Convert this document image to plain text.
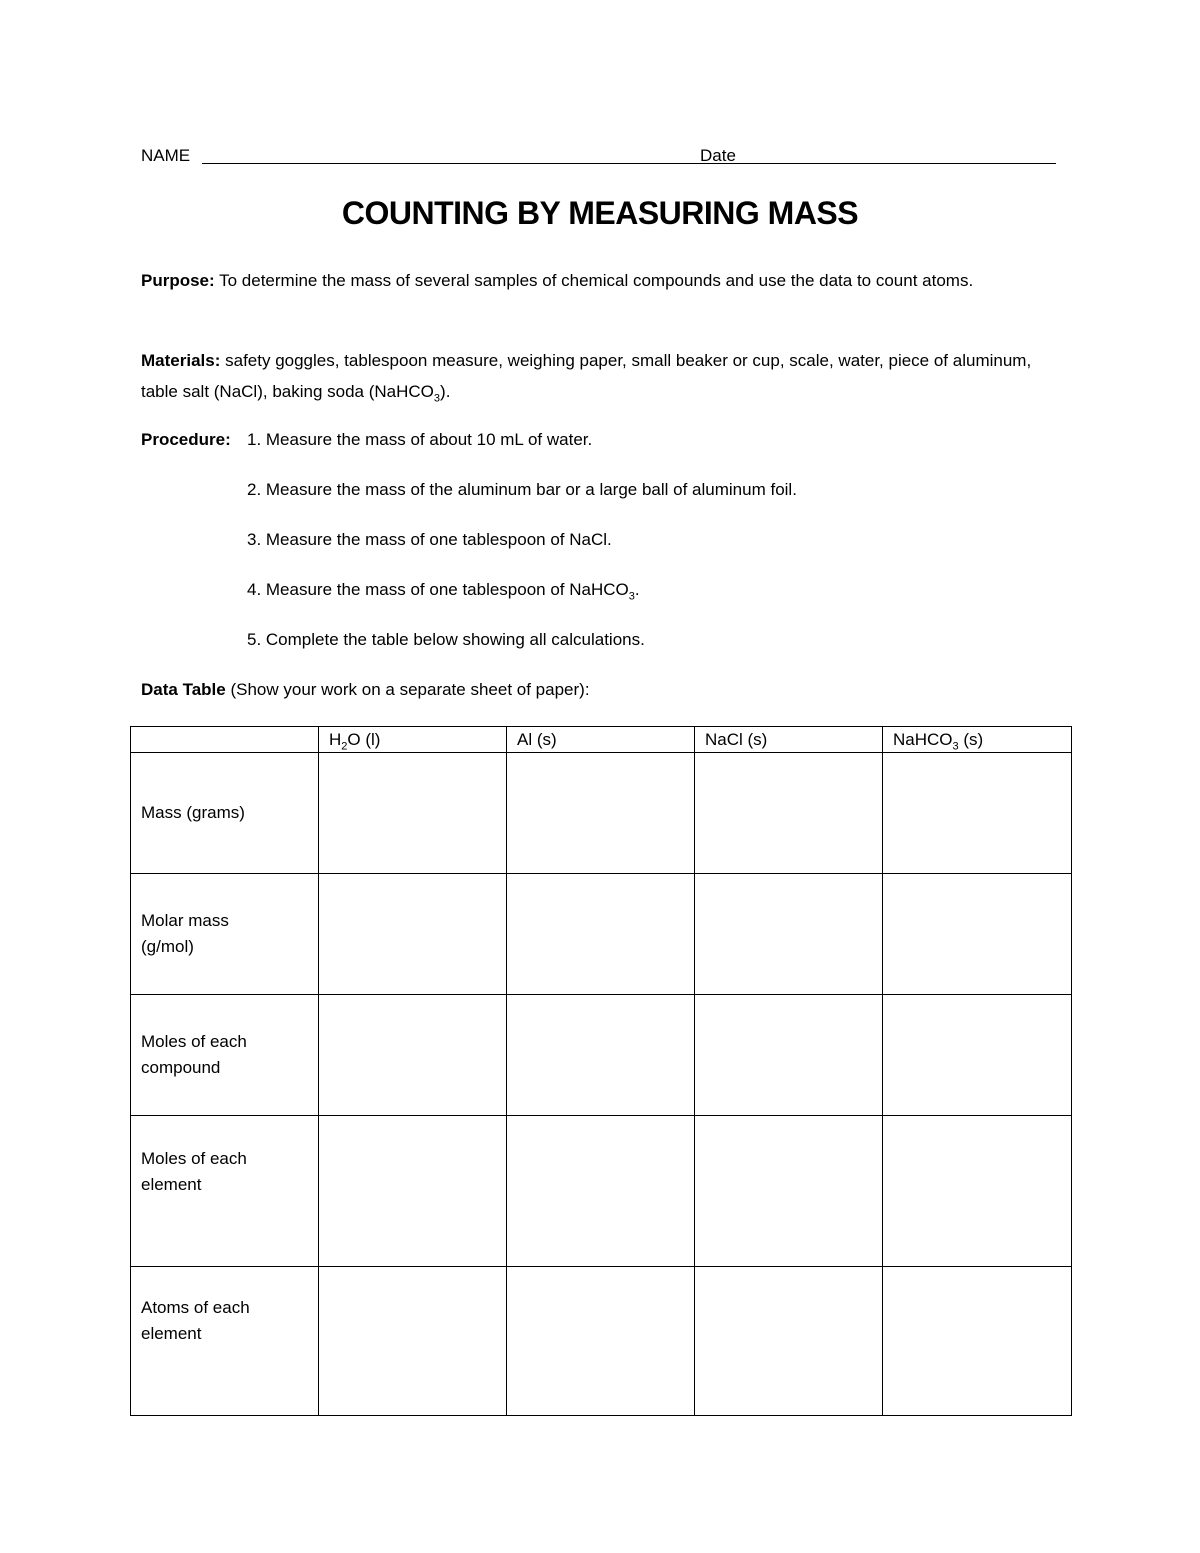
NAME	Date
COUNTING BY MEASURING MASS
Purpose: To determine the mass of several samples of chemical compounds and use the data to count atoms.
Materials: safety goggles, tablespoon measure, weighing paper, small beaker or cup, scale, water, piece of aluminum, table salt (NaCl), baking soda (NaHCO$_3$).
Procedure: 1. Measure the mass of about 10 mL of water.
2. Measure the mass of the aluminum bar or a large ball of aluminum foil.
3. Measure the mass of one tablespoon of NaCl.
4. Measure the mass of one tablespoon of NaHCO$_3$.
5. Complete the table below showing all calculations.
Data Table (Show your work on a separate sheet of paper):
	$H_2O$ (l)	Al (s)	NaCl (s)	NaHCO$_3$ (s)
Mass (grams)				
Molar mass
(g/mol)				
Moles of each
compound				
Moles of each
element				
Atoms of each
element				
